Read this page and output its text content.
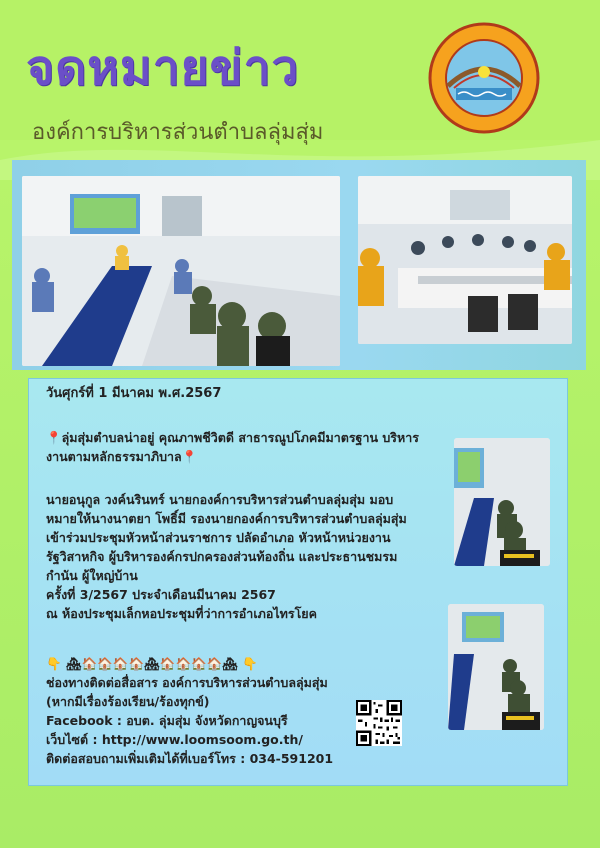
จดหมายข่าว
องค์การบริหารส่วนตำบลลุ่มสุ่ม
วันศุกร์ที่ 1 มีนาคม พ.ศ.2567
📍ลุ่มสุ่มตำบลน่าอยู่ คุณภาพชีวิตดี สาธารณูปโภคมีมาตรฐาน บริหาร
งานตามหลักธรรมาภิบาล📍
นายอนุกูล วงค์นรินทร์ นายกองค์การบริหารส่วนตำบลลุ่มสุ่ม มอบ
หมายให้นางนาตยา โพธิ์มี รองนายกองค์การบริหารส่วนตำบลลุ่มสุ่ม
เข้าร่วมประชุมหัวหน้าส่วนราชการ ปลัดอำเภอ หัวหน้าหน่วยงาน
รัฐวิสาหกิจ ผู้บริหารองค์กรปกครองส่วนท้องถิ่น และประธานชมรม
กำนัน ผู้ใหญ่บ้าน
ครั้งที่ 3/2567 ประจำเดือนมีนาคม 2567
ณ ห้องประชุมเล็กหอประชุมที่ว่าการอำเภอไทรโยค
👇 🏘🏠🏠🏠🏠🏘🏠🏠🏠🏠🏘 👇
ช่องทางติดต่อสื่อสาร องค์การบริหารส่วนตำบลลุ่มสุ่ม
(หากมีเรื่องร้องเรียน/ร้องทุกข์)
Facebook : อบต. ลุ่มสุ่ม จังหวัดกาญจนบุรี
เว็บไซต์ : http://www.loomsoom.go.th/
ติดต่อสอบถามเพิ่มเติมได้ที่เบอร์โทร : 034-591201
